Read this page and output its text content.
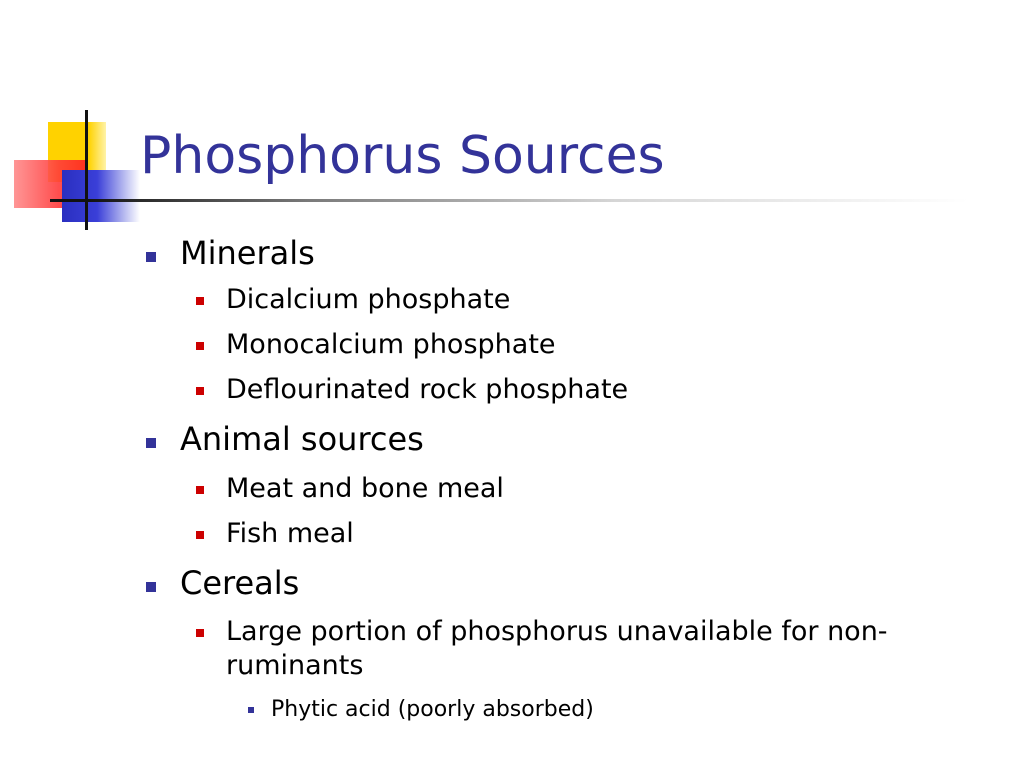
Phosphorus Sources
Minerals
Dicalcium phosphate
Monocalcium phosphate
Deflourinated rock phosphate
Animal sources
Meat and bone meal
Fish meal
Cereals
Large portion of phosphorus unavailable for non-
ruminants
Phytic acid (poorly absorbed)
